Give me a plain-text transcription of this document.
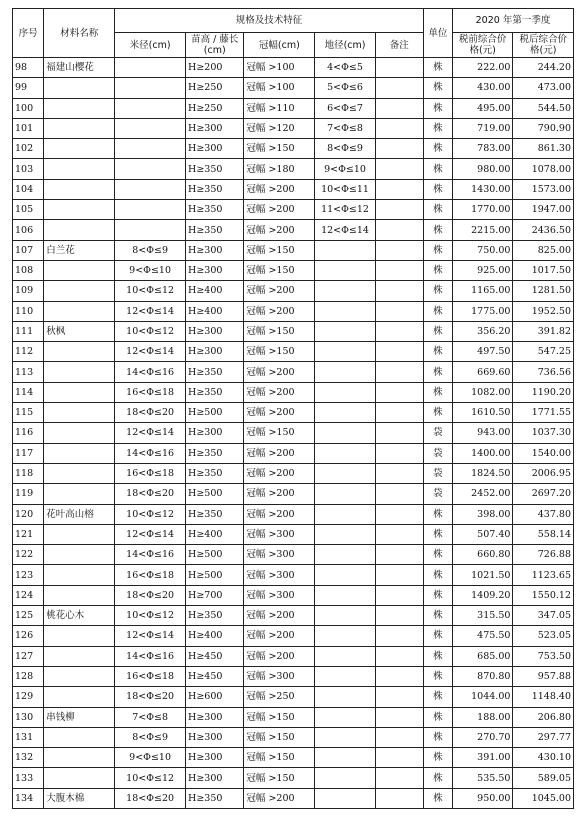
序号	材料名称	规格及技术特征					单位	2020 年第一季度	
		米径(cm)	苗高 / 藤长 (cm)	冠幅(cm)	地径(cm)	备注		税前综合价格(元)	税后综合价格(元)
98	福建山樱花		H≥200	冠幅 >100	4<Φ≤5		株	222.00	244.20
99			H≥250	冠幅 >100	5<Φ≤6		株	430.00	473.00
100			H≥250	冠幅 >110	6<Φ≤7		株	495.00	544.50
101			H≥300	冠幅 >120	7<Φ≤8		株	719.00	790.90
102			H≥300	冠幅 >150	8<Φ≤9		株	783.00	861.30
103			H≥350	冠幅 >180	9<Φ≤10		株	980.00	1078.00
104			H≥350	冠幅 >200	10<Φ≤11		株	1430.00	1573.00
105			H≥350	冠幅 >200	11<Φ≤12		株	1770.00	1947.00
106			H≥350	冠幅 >200	12<Φ≤14		株	2215.00	2436.50
107	白兰花	8<Φ≤9	H≥300	冠幅 >150			株	750.00	825.00
108		9<Φ≤10	H≥300	冠幅 >150			株	925.00	1017.50
109		10<Φ≤12	H≥400	冠幅 >200			株	1165.00	1281.50
110		12<Φ≤14	H≥400	冠幅 >200			株	1775.00	1952.50
111	秋枫	10<Φ≤12	H≥300	冠幅 >150			株	356.20	391.82
112		12<Φ≤14	H≥300	冠幅 >150			株	497.50	547.25
113		14<Φ≤16	H≥350	冠幅 >200			株	669.60	736.56
114		16<Φ≤18	H≥350	冠幅 >200			株	1082.00	1190.20
115		18<Φ≤20	H≥500	冠幅 >200			株	1610.50	1771.55
116		12<Φ≤14	H≥300	冠幅 >150			袋	943.00	1037.30
117		14<Φ≤16	H≥350	冠幅 >200			袋	1400.00	1540.00
118		16<Φ≤18	H≥350	冠幅 >200			袋	1824.50	2006.95
119		18<Φ≤20	H≥500	冠幅 >200			袋	2452.00	2697.20
120	花叶高山榕	10<Φ≤12	H≥350	冠幅 >200			株	398.00	437.80
121		12<Φ≤14	H≥400	冠幅 >300			株	507.40	558.14
122		14<Φ≤16	H≥500	冠幅 >300			株	660.80	726.88
123		16<Φ≤18	H≥500	冠幅 >300			株	1021.50	1123.65
124		18<Φ≤20	H≥700	冠幅 >300			株	1409.20	1550.12
125	桃花心木	10<Φ≤12	H≥350	冠幅 >200			株	315.50	347.05
126		12<Φ≤14	H≥400	冠幅 >200			株	475.50	523.05
127		14<Φ≤16	H≥450	冠幅 >200			株	685.00	753.50
128		16<Φ≤18	H≥450	冠幅 >300			株	870.80	957.88
129		18<Φ≤20	H≥600	冠幅 >250			株	1044.00	1148.40
130	串钱柳	7<Φ≤8	H≥300	冠幅 >150			株	188.00	206.80
131		8<Φ≤9	H≥300	冠幅 >150			株	270.70	297.77
132		9<Φ≤10	H≥300	冠幅 >150			株	391.00	430.10
133		10<Φ≤12	H≥300	冠幅 >150			株	535.50	589.05
134	大腹木棉	18<Φ≤20	H≥350	冠幅 >200			株	950.00	1045.00
